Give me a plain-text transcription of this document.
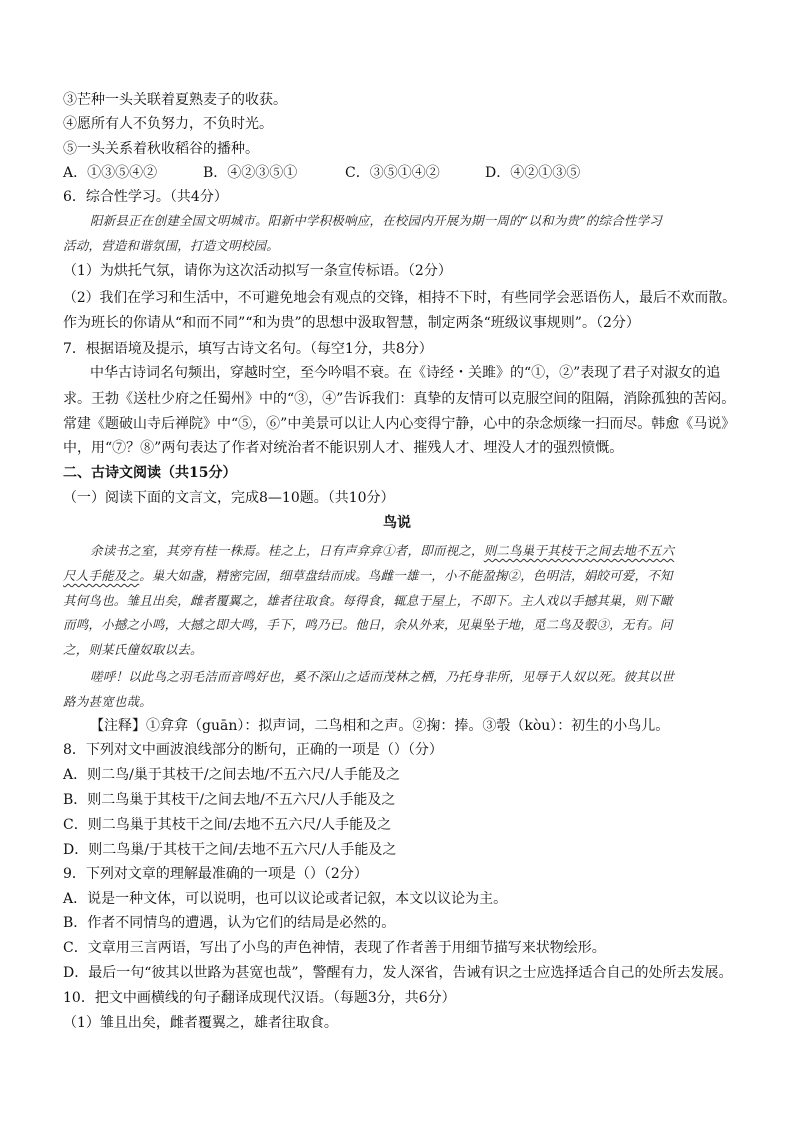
③芒种一头关联着夏熟麦子的收获。
④愿所有人不负努力，不负时光。
⑤一头关系着秋收稻谷的播种。
A．①③⑤④②	B．④②③⑤①	C．③⑤①④②	D．④②①③⑤
6．综合性学习。（共4分）
阳新县正在创建全国文明城市。阳新中学积极响应，在校园内开展为期一周的“以和为贵”的综合性学习
活动，营造和谐氛围，打造文明校园。
（1）为烘托气氛，请你为这次活动拟写一条宣传标语。（2分）
（2）我们在学习和生活中，不可避免地会有观点的交锋，相持不下时，有些同学会恶语伤人，最后不欢而散。
作为班长的你请从“和而不同”“和为贵”的思想中汲取智慧，制定两条“班级议事规则”。（2分）
7．根据语境及提示，填写古诗文名句。（每空1分，共8分）
中华古诗词名句频出，穿越时空，至今吟唱不衰。在《诗经・关雎》的“①，②”表现了君子对淑女的追
求。王勃《送杜少府之任蜀州》中的“③，④”告诉我们：真挚的友情可以克服空间的阻隔，消除孤独的苦闷。
常建《题破山寺后禅院》中“⑤，⑥”中美景可以让人内心变得宁静，心中的杂念烦缘一扫而尽。韩愈《马说》
中，用“⑦？⑧”两句表达了作者对统治者不能识别人才、摧残人才、埋没人才的强烈愤慨。
二、古诗文阅读（共15分）
（一）阅读下面的文言文，完成8—10题。（共10分）
鸟说
余读书之室，其旁有桂一株焉。桂之上，日有声弇弇①者，即而视之，则二鸟巢于其枝干之间去地不五六
尺人手能及之。巢大如盏，精密完固，细草盘结而成。鸟雌一雄一，小不能盈掬②，色明洁，娟皎可爱，不知
其何鸟也。雏且出矣，雌者覆翼之，雄者往取食。每得食，辄息于屋上，不即下。主人戏以手撼其巢，则下瞰
而鸣，小撼之小鸣，大撼之即大鸣，手下，鸣乃已。他日，余从外来，见巢坠于地，觅二鸟及彀③，无有。问
之，则某氏僮奴取以去。
嗟呼！以此鸟之羽毛洁而音鸣好也，奚不深山之适而茂林之栖，乃托身非所，见辱于人奴以死。彼其以世
路为甚宽也哉。
【注释】①弇弇（guān）：拟声词，二鸟相和之声。②掬：捧。③彀（kòu）：初生的小鸟儿。
8．下列对文中画波浪线部分的断句，正确的一项是（）（分）
A．则二鸟/巢于其枝干/之间去地/不五六尺/人手能及之
B．则二鸟巢于其枝干/之间去地/不五六尺/人手能及之
C．则二鸟巢于其枝干之间/去地不五六尺/人手能及之
D．则二鸟巢/于其枝干之间/去地不五六尺/人手能及之
9．下列对文章的理解最准确的一项是（）（2分）
A．说是一种文体，可以说明，也可以议论或者记叙，本文以议论为主。
B．作者不同情鸟的遭遇，认为它们的结局是必然的。
C．文章用三言两语，写出了小鸟的声色神情，表现了作者善于用细节描写来状物绘形。
D．最后一句“彼其以世路为甚宽也哉”，警醒有力，发人深省，告诫有识之士应选择适合自己的处所去发展。
10．把文中画横线的句子翻译成现代汉语。（每题3分，共6分）
（1）雏且出矣，雌者覆翼之，雄者往取食。
